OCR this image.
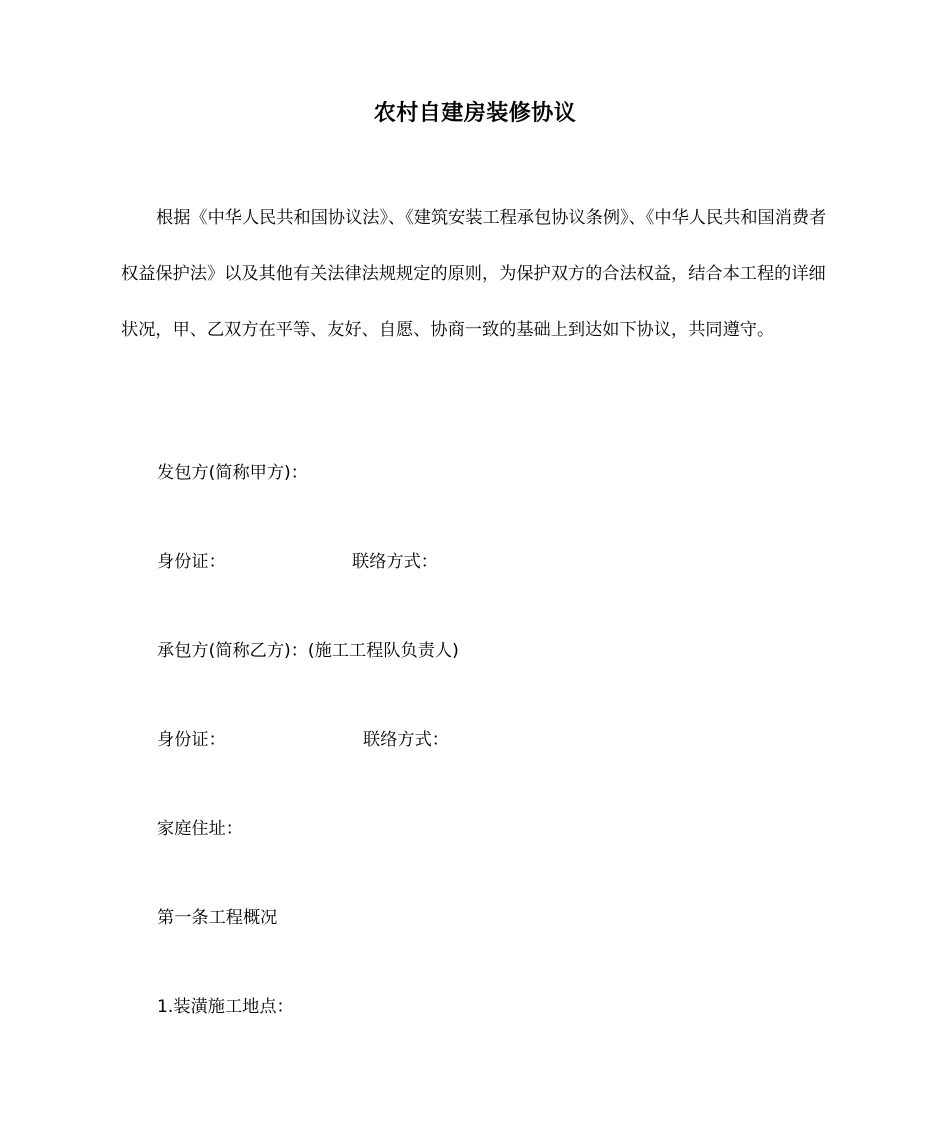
农村自建房装修协议
根据《中华人民共和国协议法》、《建筑安装工程承包协议条例》、《中华人民共和国消费者权益保护法》以及其他有关法律法规规定的原则，为保护双方的合法权益，结合本工程的详细状况，甲、乙双方在平等、友好、自愿、协商一致的基础上到达如下协议，共同遵守。
发包方(简称甲方)：
身份证：	联络方式：
承包方(简称乙方)：(施工工程队负责人)
身份证：	联络方式：
家庭住址：
第一条工程概况
1.装潢施工地点：
